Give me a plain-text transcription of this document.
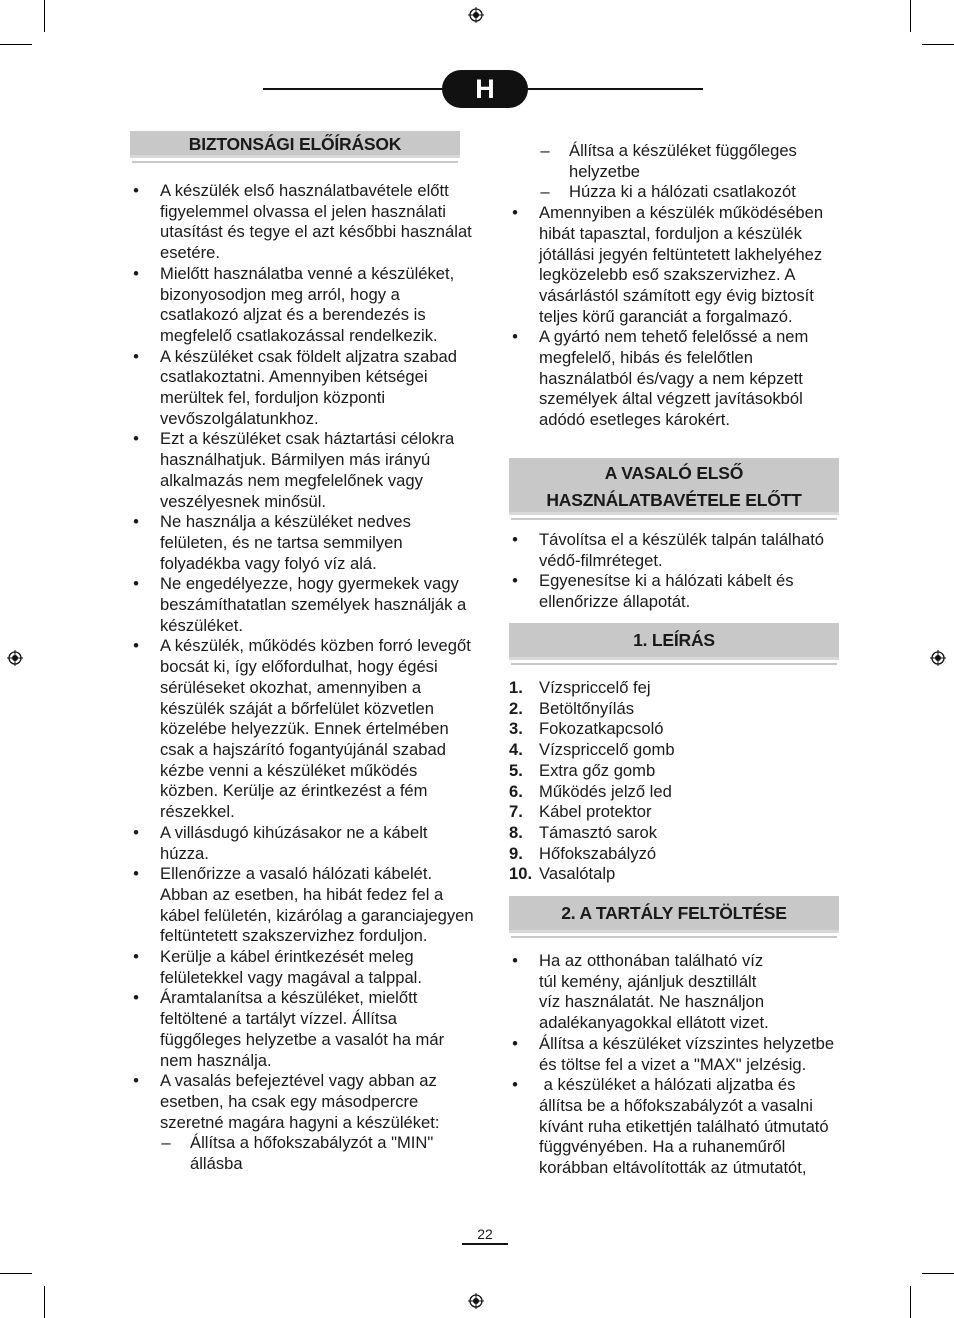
H
BIZTONSÁGI ELŐÍRÁSOK
• A készülék első használatbavétele előtt figyelemmel olvassa el jelen használati utasítást és tegye el azt későbbi használat esetére.
• Mielőtt használatba venné a készüléket, bizonyosodjon meg arról, hogy a csatlakozó aljzat és a berendezés is megfelelő csatlakozással rendelkezik.
• A készüléket csak földelt aljzatra szabad csatlakoztatni. Amennyiben kétségei merültek fel, forduljon központi vevőszolgálatunkhoz.
• Ezt a készüléket csak háztartási célokra használhatjuk. Bármilyen más irányú alkalmazás nem megfelelőnek vagy veszélyesnek minősül.
• Ne használja a készüléket nedves felületen, és ne tartsa semmilyen folyadékba vagy folyó víz alá.
• Ne engedélyezze, hogy gyermekek vagy beszámíthatatlan személyek használják a készüléket.
• A készülék, működés közben forró levegőt bocsát ki, így előfordulhat, hogy égési sérüléseket okozhat, amennyiben a készülék száját a bőrfelület közvetlen közelébe helyezzük. Ennek értelmében csak a hajszárító fogantyújánál szabad kézbe venni a készüléket működés közben. Kerülje az érintkezést a fém részekkel.
• A villásdugó kihúzásakor ne a kábelt húzza.
• Ellenőrizze a vasaló hálózati kábelét. Abban az esetben, ha hibát fedez fel a kábel felületén, kizárólag a garanciajegyen feltüntetett szakszervizhez forduljon.
• Kerülje a kábel érintkezését meleg felületekkel vagy magával a talppal.
• Áramtalanítsa a készüléket, mielőtt feltöltené a tartályt vízzel. Állítsa függőleges helyzetbe a vasalót ha már nem használja.
• A vasalás befejeztével vagy abban az esetben, ha csak egy másodpercre szeretné magára hagyni a készüléket:
– Állítsa a hőfokszabályzót a "MIN" állásba
– Állítsa a készüléket függőleges helyzetbe
– Húzza ki a hálózati csatlakozót
• Amennyiben a készülék működésében hibát tapasztal, forduljon a készülék jótállási jegyén feltüntetett lakhelyéhez legközelebb eső szakszervizhez. A vásárlástól számított egy évig biztosít teljes körű garanciát a forgalmazó.
• A gyártó nem tehető felelőssé a nem megfelelő, hibás és felelőtlen használatból és/vagy a nem képzett személyek által végzett javításokból adódó esetleges károkért.
A VASALÓ ELSŐ
HASZNÁLATBAVÉTELE ELŐTT
• Távolítsa el a készülék talpán található védő-filmréteget.
• Egyenesítse ki a hálózati kábelt és ellenőrizze állapotát.
1. LEÍRÁS
1. Vízspriccelő fej
2. Betöltőnyílás
3. Fokozatkapcsoló
4. Vízspriccelő gomb
5. Extra gőz gomb
6. Működés jelző led
7. Kábel protektor
8. Támasztó sarok
9. Hőfokszabályzó
10. Vasalótalp
2. A TARTÁLY FELTÖLTÉSE
• Ha az otthonában található víz túl kemény, ajánljuk desztillált víz használatát. Ne használjon adalékanyagokkal ellátott vizet.
• Állítsa a készüléket vízszintes helyzetbe és töltse fel a vizet a "MAX" jelzésig.
• a készüléket a hálózati aljzatba és állítsa be a hőfokszabályzót a vasalni kívánt ruha etikettjén található útmutató függvényében. Ha a ruhaneműről korábban eltávolították az útmutatót,
22
